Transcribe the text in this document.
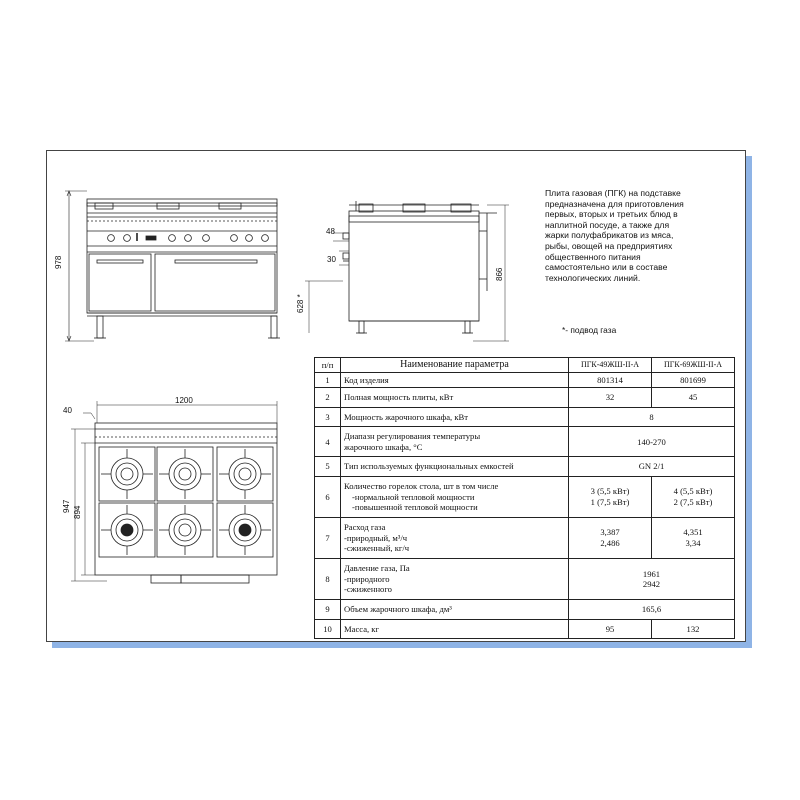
978
48
30
628 *
866
40
1200
947 894
Плита газовая (ПГК) на подставке
предназначена для приготовления
первых, вторых и третьих блюд в
наплитной посуде, а также для
жарки полуфабрикатов из мяса,
рыбы, овощей на предприятиях
общественного питания
самостоятельно или в составе
технологических линий.
*- подвод газа
п/п	Наименование параметра	ПГК-49ЖШ-II-А	ПГК-69ЖШ-II-А
1	Код изделия	801314	801699

2	Полная мощность плиты, кВт	32	45

3	Мощность жарочного шкафа, кВт	8	

4	Диапазн регулирования температуры
жарочного шкафа, °С	140-270	

5	Тип используемых функциональных емкостей	GN 2/1	

6	Количество горелок стола, шт в том числе
-нормальной тепловой мощности
-повышенной тепловой мощности	3 (5,5 кВт)
1 (7,5 кВт)	4 (5,5 кВт)
2 (7,5 кВт)

7	Расход газа
-природный, м³/ч
-сжиженный, кг/ч	3,387
2,486	4,351
3,34

8	Давление газа, Па
-природного
-сжиженного	1961
2942	

9	Объем жарочного шкафа, дм³	165,6	

10	Масса, кг	95	132
